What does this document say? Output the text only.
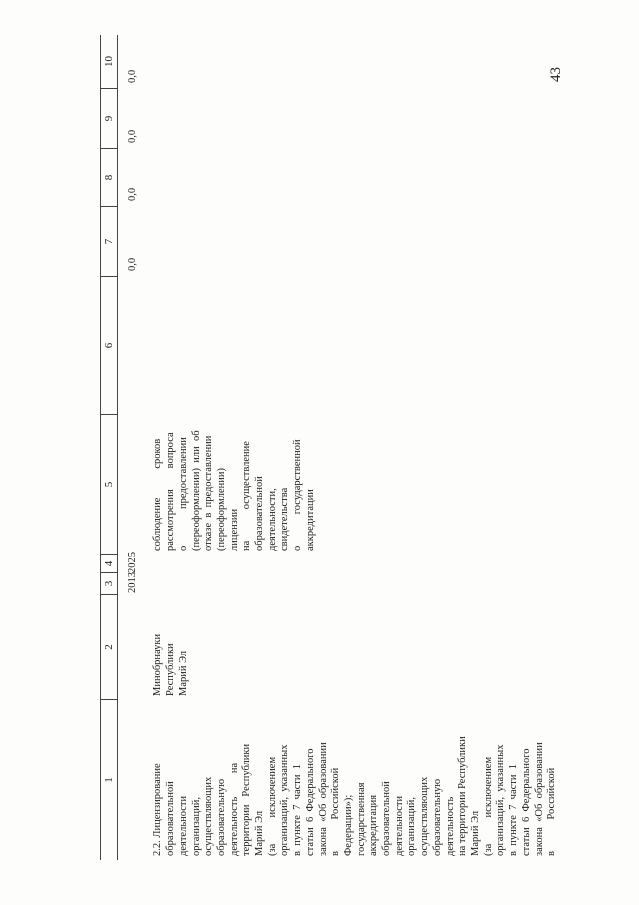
43
1
2
3
4
5
6
7
8
9
10

2.2. Лицензирование образовательной деятельности организаций, осуществляющих образовательную деятельность         на территории   Республики Марий Эл (за          исключением организаций,  указанных в  пункте  7  части  1 статьи  6  Федерального закона  «Об  образовании в            Российской Федерации»); государственная аккредитация образовательной деятельности организаций, осуществляющих образовательную деятельность на территории Республики Марий Эл (за          исключением организаций,  указанных в  пункте  7  части  1 статьи  6  Федерального закона  «Об  образовании в            Российской

Минобрнауки Республики Марий Эл

2013
2025

соблюдение           сроков рассмотрения        вопроса о              предоставлении (переоформлении)  или  об отказе  в  предоставлении (переоформлении) лицензии на            осуществление образовательной деятельности, свидетельства о            государственной аккредитации

0,0
0,0
0,0
0,0
